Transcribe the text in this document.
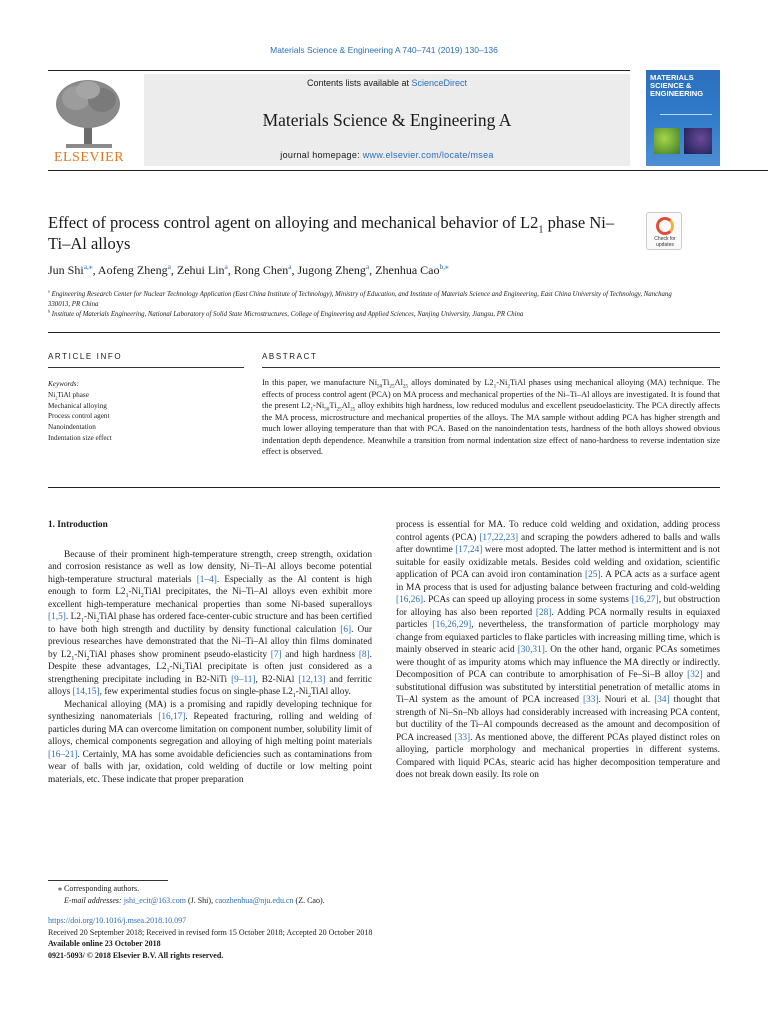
Materials Science & Engineering A 740–741 (2019) 130–136
ELSEVIER
Contents lists available at ScienceDirect
Materials Science & Engineering A
journal homepage: www.elsevier.com/locate/msea
MATERIALS SCIENCE & ENGINEERING
Effect of process control agent on alloying and mechanical behavior of $L2_1$ phase Ni–Ti–Al alloys	Check for updates
Jun Shi$^{a,⁎}$, Aofeng Zheng$^a$, Zehui Lin$^a$, Rong Chen$^a$, Jugong Zheng$^a$, Zhenhua Cao$^{b,⁎}$
$^a$ Engineering Research Center for Nuclear Technology Application (East China Institute of Technology), Ministry of Education, and Institute of Materials Science and Engineering, East China University of Technology, Nanchang 330013, PR China
$^b$ Institute of Materials Engineering, National Laboratory of Solid State Microstructures, College of Engineering and Applied Sciences, Nanjing University, Jiangsu, PR China
ARTICLE INFO	ABSTRACT
Keywords:
$Ni_2TiAl$ phase
Mechanical alloying
Process control agent
Nanoindentation
Indentation size effect
In this paper, we manufacture $Ni_{50}Ti_{25}Al_{25}$ alloys dominated by $L2_1-Ni_2TiAl$ phases using mechanical alloying (MA) technique. The effects of process control agent (PCA) on MA process and mechanical properties of the Ni–Ti–Al alloys are investigated. It is found that the present $L2_1-Ni_{50}Ti_{25}Al_{25}$ alloy exhibits high hardness, low reduced modulus and excellent pseudoelasticity. The PCA directly affects the MA process, microstructure and mechanical properties of the alloys. The MA sample without adding PCA has higher strength and much lower alloying temperature than that with PCA. Based on the nanoindentation tests, hardness of the both alloys showed obvious indentation depth dependence. Meanwhile a transition from normal indentation size effect of nano-hardness to reverse indentation size effect is observed.
1. Introduction
Because of their prominent high-temperature strength, creep strength, oxidation and corrosion resistance as well as low density, Ni–Ti–Al alloys become potential high-temperature structural materials [1–4]. Especially as the Al content is high enough to form $L2_1-Ni_2TiAl$ precipitates, the Ni–Ti–Al alloys even exhibit more excellent high-temperature mechanical properties than some Ni-based superalloys [1,5]. $L2_1-Ni_2TiAl$ phase has ordered face-center-cubic structure and has been certified to have both high strength and ductility by density functional calculation [6]. Our previous researches have demonstrated that the Ni–Ti–Al alloy thin films dominated by $L2_1-Ni_2TiAl$ phases show prominent pseudo-elasticity [7] and high hardness [8]. Despite these advantages, $L2_1-Ni_2TiAl$ precipitate is often just considered as a strengthening precipitate including in B2-NiTi [9–11], B2-NiAl [12,13] and ferritic alloys [14,15], few experimental studies focus on single-phase $L2_1-Ni_2TiAl$ alloy.
Mechanical alloying (MA) is a promising and rapidly developing technique for synthesizing nanomaterials [16,17]. Repeated fracturing, rolling and welding of particles during MA can overcome limitation on component number, solubility limit of alloys, chemical components segregation and alloying of high melting point materials [16–21]. Certainly, MA has some avoidable deficiencies such as contaminations from wear of balls with jar, oxidation, cold welding of ductile or low melting point materials, etc. These indicate that proper preparation
process is essential for MA. To reduce cold welding and oxidation, adding process control agents (PCA) [17,22,23] and scraping the powders adhered to balls and walls after downtime [17,24] were most adopted. The latter method is intermittent and is not suitable for easily oxidizable metals. Besides cold welding and oxidation, scientific application of PCA can avoid iron contamination [25]. A PCA acts as a surface agent in MA process that is used for adjusting balance between fracturing and cold-welding [16,26]. PCAs can speed up alloying process in some systems [16,27], but obstruction for alloying has also been reported [28]. Adding PCA normally results in equiaxed particles [16,26,29], nevertheless, the transformation of particle morphology may change from equiaxed particles to flake particles with increasing milling time, which is mainly observed in stearic acid [30,31]. On the other hand, organic PCAs sometimes were thought of as impurity atoms which may influence the MA directly or indirectly. Decomposition of PCA can contribute to amorphisation of Fe–Si–B alloy [32] and substitutional diffusion was substituted by interstitial penetration of metallic atoms in Ti–Al system as the amount of PCA increased [33]. Nouri et al. [34] thought that strength of Ni–Sn–Nb alloys had considerably increased with increasing PCA content, but ductility of the Ti–Al compounds decreased as the amount and decomposition of PCA increased [33]. As mentioned above, the different PCAs played distinct roles on alloying, particle morphology and mechanical properties in different systems. Compared with liquid PCAs, stearic acid has higher decomposition temperature and does not break down easily. Its role on
⁎ Corresponding authors.
E-mail addresses: jshi_ecit@163.com (J. Shi), caozhenhua@nju.edu.cn (Z. Cao).
https://doi.org/10.1016/j.msea.2018.10.097
Received 20 September 2018; Received in revised form 15 October 2018; Accepted 20 October 2018
Available online 23 October 2018
0921-5093/ © 2018 Elsevier B.V. All rights reserved.
